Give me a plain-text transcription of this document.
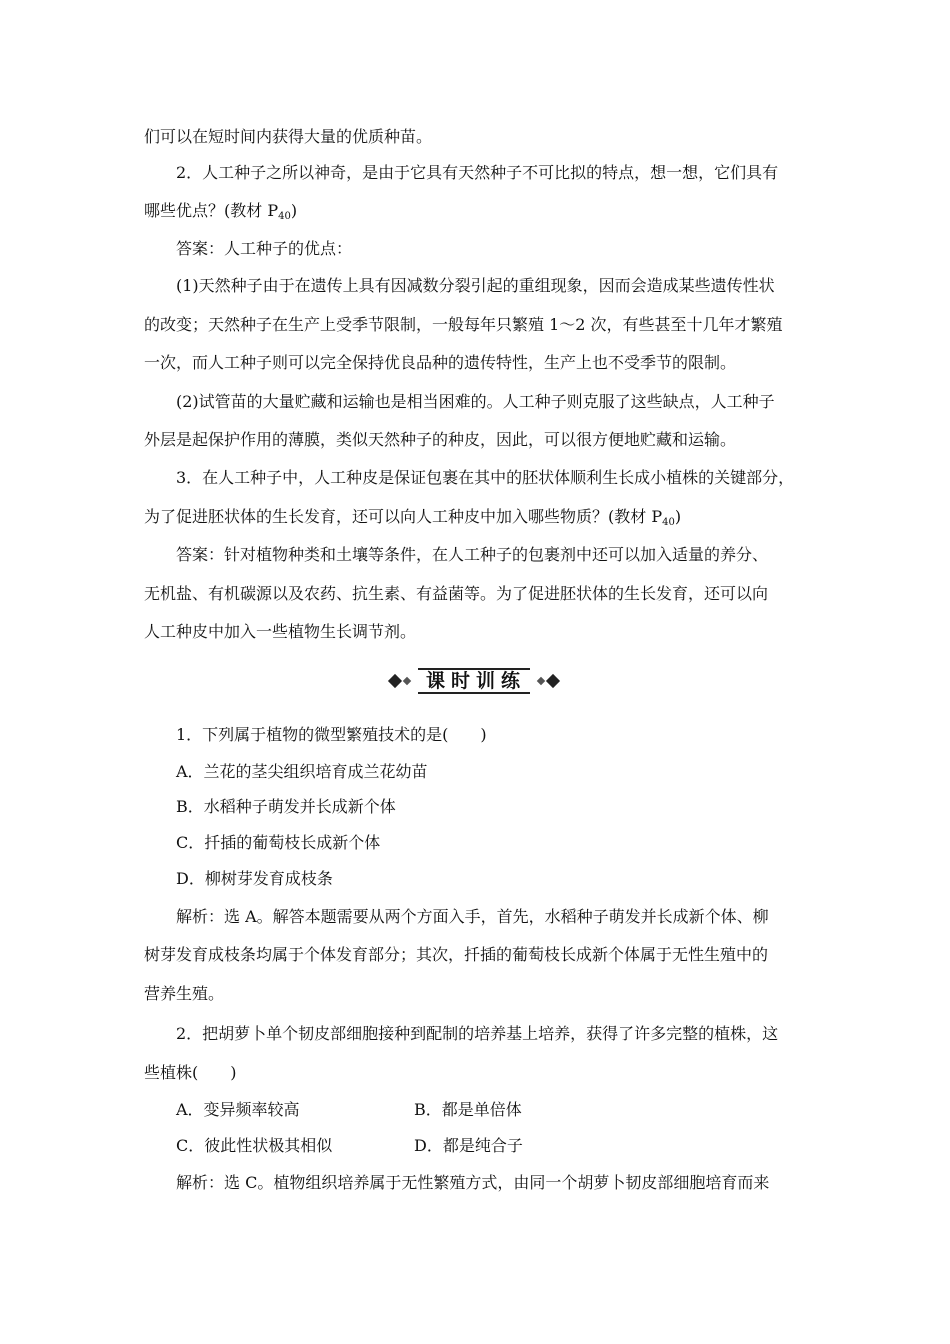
们可以在短时间内获得大量的优质种苗。
2．人工种子之所以神奇，是由于它具有天然种子不可比拟的特点，想一想，它们具有
哪些优点？(教材 $P_{40}$)
答案：人工种子的优点：
(1)天然种子由于在遗传上具有因减数分裂引起的重组现象，因而会造成某些遗传性状
的改变；天然种子在生产上受季节限制，一般每年只繁殖 1～2 次，有些甚至十几年才繁殖
一次，而人工种子则可以完全保持优良品种的遗传特性，生产上也不受季节的限制。
(2)试管苗的大量贮藏和运输也是相当困难的。人工种子则克服了这些缺点，人工种子
外层是起保护作用的薄膜，类似天然种子的种皮，因此，可以很方便地贮藏和运输。
3．在人工种子中，人工种皮是保证包裹在其中的胚状体顺利生长成小植株的关键部分，
为了促进胚状体的生长发育，还可以向人工种皮中加入哪些物质？(教材 $P_{40}$)
答案：针对植物种类和土壤等条件，在人工种子的包裹剂中还可以加入适量的养分、
无机盐、有机碳源以及农药、抗生素、有益菌等。为了促进胚状体的生长发育，还可以向
人工种皮中加入一些植物生长调节剂。
课时训练
1．下列属于植物的微型繁殖技术的是(　　)
A．兰花的茎尖组织培育成兰花幼苗
B．水稻种子萌发并长成新个体
C．扦插的葡萄枝长成新个体
D．柳树芽发育成枝条
解析：选 A。解答本题需要从两个方面入手，首先，水稻种子萌发并长成新个体、柳
树芽发育成枝条均属于个体发育部分；其次，扦插的葡萄枝长成新个体属于无性生殖中的
营养生殖。
2．把胡萝卜单个韧皮部细胞接种到配制的培养基上培养，获得了许多完整的植株，这
些植株(　　)
A．变异频率较高	B．都是单倍体
C．彼此性状极其相似	D．都是纯合子
解析：选 C。植物组织培养属于无性繁殖方式，由同一个胡萝卜韧皮部细胞培育而来
